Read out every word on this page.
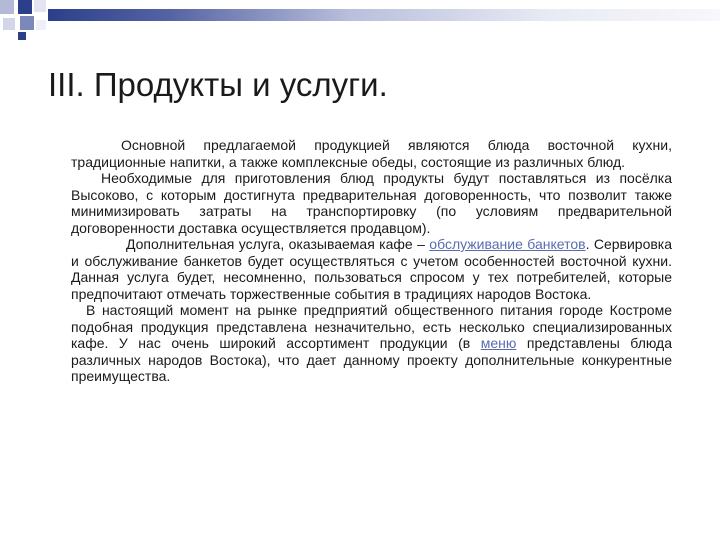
III. Продукты и услуги.

Основной предлагаемой продукцией являются блюда восточной кухни, традиционные напитки, а также комплексные обеды, состоящие из различных блюд.

Необходимые для приготовления блюд продукты будут поставляться из посёлка Высоково, с которым достигнута предварительная договоренность, что позволит также минимизировать затраты на транспортировку (по условиям предварительной договоренности доставка осуществляется продавцом).

Дополнительная услуга, оказываемая кафе – обслуживание банкетов. Сервировка и обслуживание банкетов будет осуществляться с учетом особенностей восточной кухни. Данная услуга будет, несомненно, пользоваться спросом у тех потребителей, которые предпочитают отмечать торжественные события в традициях народов Востока.

В настоящий момент на рынке предприятий общественного питания городе Костроме подобная продукция представлена незначительно, есть несколько специализированных кафе. У нас очень широкий ассортимент продукции (в меню представлены блюда различных народов Востока), что дает данному проекту дополнительные конкурентные преимущества.
